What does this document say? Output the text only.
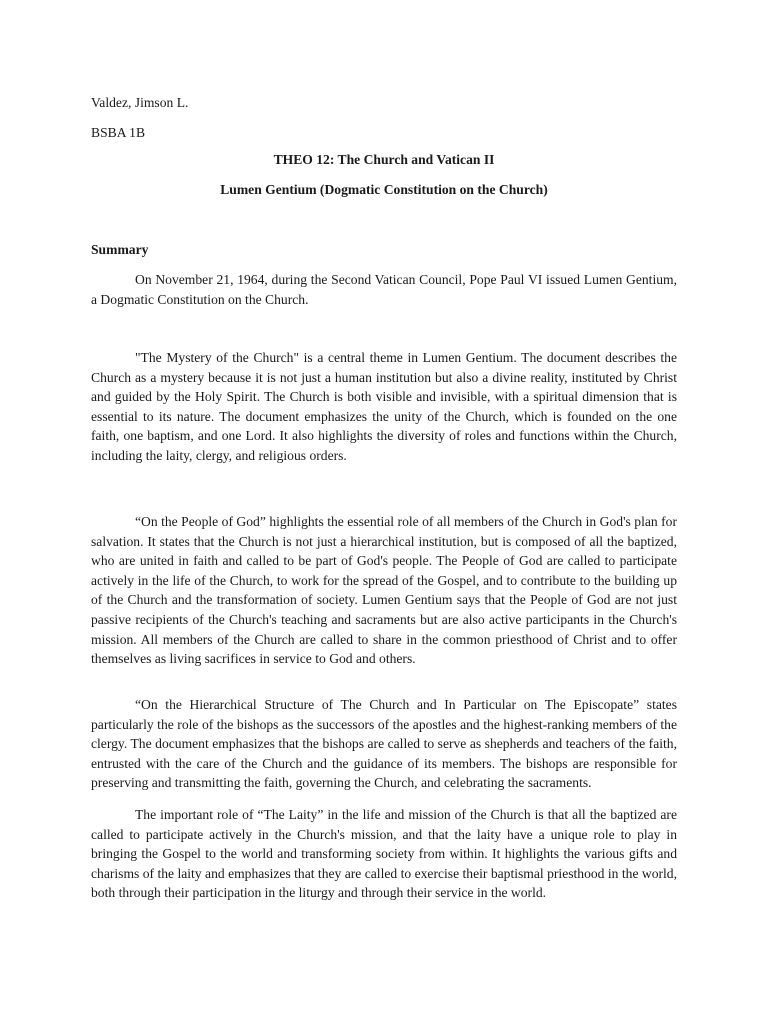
Valdez, Jimson L.
BSBA 1B
THEO 12: The Church and Vatican II
Lumen Gentium (Dogmatic Constitution on the Church)
Summary

On November 21, 1964, during the Second Vatican Council, Pope Paul VI issued Lumen Gentium, a Dogmatic Constitution on the Church.

"The Mystery of the Church" is a central theme in Lumen Gentium. The document describes the Church as a mystery because it is not just a human institution but also a divine reality, instituted by Christ and guided by the Holy Spirit. The Church is both visible and invisible, with a spiritual dimension that is essential to its nature. The document emphasizes the unity of the Church, which is founded on the one faith, one baptism, and one Lord. It also highlights the diversity of roles and functions within the Church, including the laity, clergy, and religious orders.

“On the People of God” highlights the essential role of all members of the Church in God's plan for salvation. It states that the Church is not just a hierarchical institution, but is composed of all the baptized, who are united in faith and called to be part of God's people. The People of God are called to participate actively in the life of the Church, to work for the spread of the Gospel, and to contribute to the building up of the Church and the transformation of society. Lumen Gentium says that the People of God are not just passive recipients of the Church's teaching and sacraments but are also active participants in the Church's mission. All members of the Church are called to share in the common priesthood of Christ and to offer themselves as living sacrifices in service to God and others.

“On the Hierarchical Structure of The Church and In Particular on The Episcopate” states particularly the role of the bishops as the successors of the apostles and the highest-ranking members of the clergy. The document emphasizes that the bishops are called to serve as shepherds and teachers of the faith, entrusted with the care of the Church and the guidance of its members. The bishops are responsible for preserving and transmitting the faith, governing the Church, and celebrating the sacraments.

The important role of “The Laity” in the life and mission of the Church is that all the baptized are called to participate actively in the Church's mission, and that the laity have a unique role to play in bringing the Gospel to the world and transforming society from within. It highlights the various gifts and charisms of the laity and emphasizes that they are called to exercise their baptismal priesthood in the world, both through their participation in the liturgy and through their service in the world.
